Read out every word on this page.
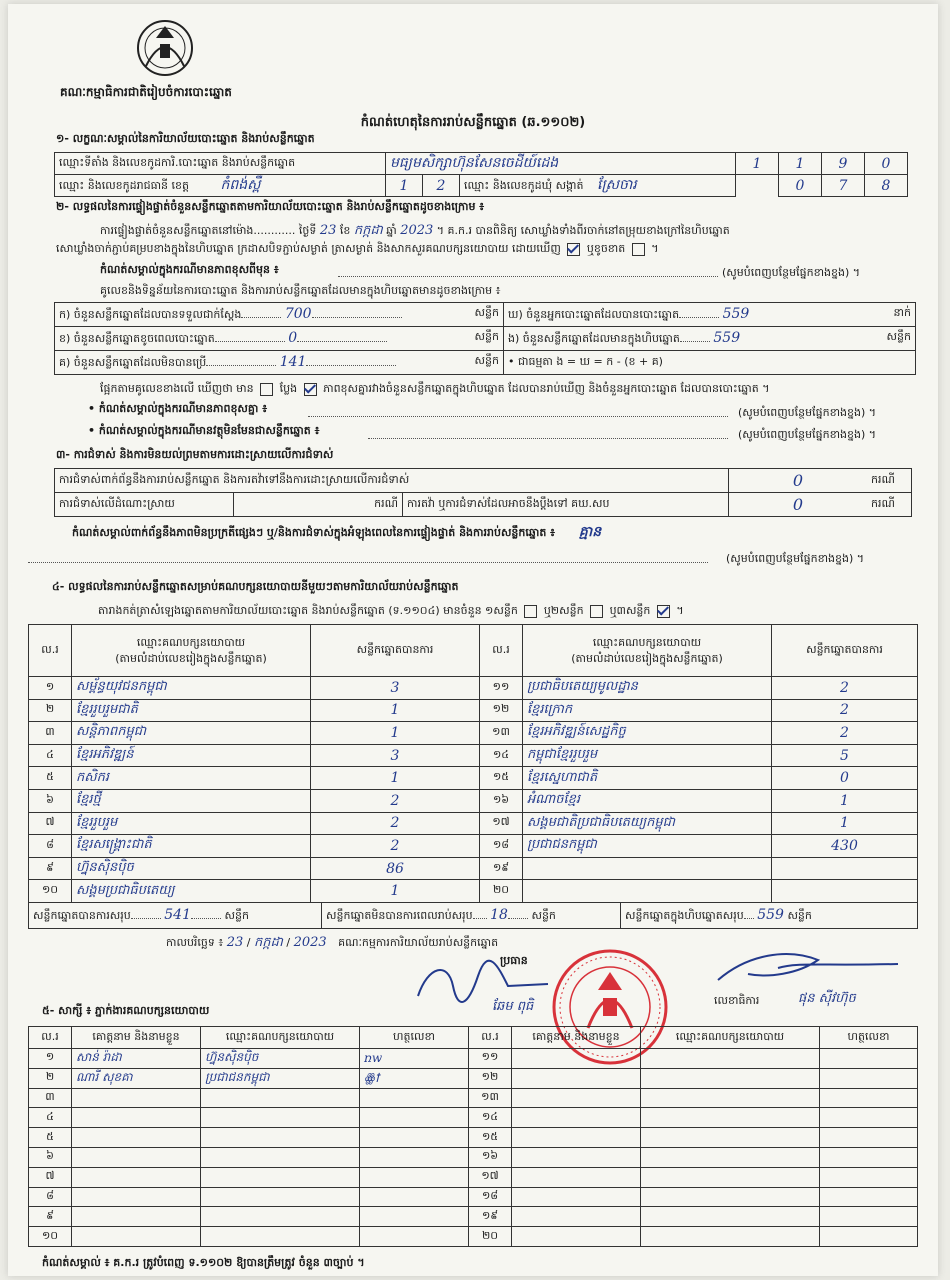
គណៈកម្មាធិការជាតិរៀបចំការបោះឆ្នោត
កំណត់ហេតុនៃការរាប់សន្លឹកឆ្នោត (ឆ.១១០២)
១- លក្ខណៈសម្គាល់នៃការិយាល័យបោះឆ្នោត និងរាប់សន្លឹកឆ្នោត
ឈ្មោះទីតាំង និងលេខកូដការិ.បោះឆ្នោត និងរាប់សន្លឹកឆ្នោត	មធ្យមសិក្សាហ៊ុនសែនចេដីយ៍ដេង			1	1	9	0
ឈ្មោះ និងលេខកូដរាជធានី ខេត្ត កំពង់ស្ពឺ	1	2	ឈ្មោះ និងលេខកូដឃុំ សង្កាត់ ស្រែចារ		0	7	8
២- លទ្ធផលនៃការផ្ទៀងផ្ទាត់ចំនួនសន្លឹកឆ្នោតតាមការិយាល័យបោះឆ្នោត និងរាប់សន្លឹកឆ្នោតដូចខាងក្រោម ៖
ការផ្ទៀងផ្ទាត់ចំនួនសន្លឹកឆ្នោតនៅម៉ោង............ ថ្ងៃទី 23 ខែ កក្កដា ឆ្នាំ 2023 ។ គ.ក.រ បានពិនិត្យ សោឃ្លាំងទាំងពីរចាក់នៅតម្រុយខាងក្រៅនៃហិបឆ្នោត
សោឃ្លាំងចាក់ភ្ជាប់គម្របខាងក្នុងនៃហិបឆ្នោត ក្រដាសបិទភ្ជាប់សម្ងាត់ ត្រាសម្ងាត់ និងសាកសួរគណបក្សនយោបាយ ដោយឃើញ ឬខូចខាត  ។
កំណត់សម្គាល់ក្នុងករណីមានភាពខុសពីមុន ៖	(សូមបំពេញបន្ថែមផ្នែកខាងខ្នង) ។
គូលេខនិងទិន្នន័យនៃការបោះឆ្នោត និងការរាប់សន្លឹកឆ្នោតដែលមានក្នុងហិបឆ្នោតមានដូចខាងក្រោម ៖
ក) ចំនួនសន្លឹកឆ្នោតដែលបានទទួលជាក់ស្តែង 700 សន្លឹក	ឃ) ចំនួនអ្នកបោះឆ្នោតដែលបានបោះឆ្នោត 559 នាក់

ខ) ចំនួនសន្លឹកឆ្នោតខូចពេលបោះឆ្នោត 0 សន្លឹក	ង) ចំនួនសន្លឹកឆ្នោតដែលមានក្នុងហិបឆ្នោត 559 សន្លឹក

គ) ចំនួនសន្លឹកឆ្នោតដែលមិនបានប្រើ 141 សន្លឹក	• ជាធម្មតា ង = ឃ = ក - (ខ + គ)
ផ្អែកតាមគូលេខខាងលើ ឃើញថា មាន ប្លែង ភាពខុសគ្នារវាងចំនួនសន្លឹកឆ្នោតក្នុងហិបឆ្នោត ដែលបានរាប់ឃើញ និងចំនួនអ្នកបោះឆ្នោត ដែលបានបោះឆ្នោត ។
• កំណត់សម្គាល់ក្នុងករណីមានភាពខុសគ្នា ៖	(សូមបំពេញបន្ថែមផ្នែកខាងខ្នង) ។
• កំណត់សម្គាល់ក្នុងករណីមានវត្ថុមិនមែនជាសន្លឹកឆ្នោត ៖	(សូមបំពេញបន្ថែមផ្នែកខាងខ្នង) ។
៣- ការជំទាស់ និងការមិនយល់ព្រមតាមការដោះស្រាយលើការជំទាស់
ការជំទាស់ពាក់ព័ន្ធនឹងការរាប់សន្លឹកឆ្នោត និងការតវ៉ាទៅនឹងការដោះស្រាយលើការជំទាស់			0	ករណី
ការជំទាស់លើដំណោះស្រាយ	ករណី	ការតវ៉ា ឬការជំទាស់ដែលអាចនឹងប្តឹងទៅ គឃ.សប	0	ករណី
កំណត់សម្គាល់ពាក់ព័ន្ធនឹងភាពមិនប្រក្រតីផ្សេងៗ ឬ/និងការជំទាស់ក្នុងអំឡុងពេលនៃការផ្ទៀងផ្ទាត់ និងការរាប់សន្លឹកឆ្នោត ៖ គ្មាន
(សូមបំពេញបន្ថែមផ្នែកខាងខ្នង) ។
៤- លទ្ធផលនៃការរាប់សន្លឹកឆ្នោតសម្រាប់គណបក្សនយោបាយនីមួយៗតាមការិយាល័យរាប់សន្លឹកឆ្នោត
តារាងកត់ត្រាសំឡេងឆ្នោតតាមការិយាល័យបោះឆ្នោត និងរាប់សន្លឹកឆ្នោត (ទ.១១០៤) មានចំនួន ១សន្លឹក ឬ២សន្លឹក ឬ៣សន្លឹក  ។
ល.រ	ឈ្មោះគណបក្សនយោបាយ
(តាមលំដាប់លេខរៀងក្នុងសន្លឹកឆ្នោត)	សន្លឹកឆ្នោតបានការ	ល.រ	ឈ្មោះគណបក្សនយោបាយ
(តាមលំដាប់លេខរៀងក្នុងសន្លឹកឆ្នោត)	សន្លឹកឆ្នោតបានការ
១	សម្ព័ន្ធយុវជនកម្ពុជា	3	១១	ប្រជាធិបតេយ្យមូលដ្ឋាន	2
២	ខ្មែររួបរួមជាតិ	1	១២	ខ្មែរក្រោក	2
៣	សន្តិភាពកម្ពុជា	1	១៣	ខ្មែរអភិវឌ្ឍន៍សេដ្ឋកិច្ច	2
៤	ខ្មែរអភិវឌ្ឍន៍	3	១៤	កម្ពុជាខ្មែររួបរួម	5
៥	កសិករ	1	១៥	ខ្មែរស្នេហាជាតិ	0
៦	ខ្មែរថ្មី	2	១៦	អំណាចខ្មែរ	1
៧	ខ្មែររួបរួម	2	១៧	សង្គមជាតិប្រជាធិបតេយ្យកម្ពុជា	1
៨	ខ្មែរសង្គ្រោះជាតិ	2	១៨	ប្រជាជនកម្ពុជា	430
៩	ហ្វ៊ុនស៊ិនប៉ិច	86	១៩		
១០	សង្គមប្រជាធិបតេយ្យ	1	២០		
សន្លឹកឆ្នោតបានការសរុប 541	សន្លឹក	សន្លឹកឆ្នោតមិនបានការពេលរាប់សរុប 18 សន្លឹក	សន្លឹកឆ្នោតក្នុងហិបឆ្នោតសរុប 559 សន្លឹក
កាលបរិច្ឆេទ ៖ 23 / កក្កដា / 2023 គណៈកម្មការការិយាល័យរាប់សន្លឹកឆ្នោត
ប្រធាន
លេខាធិការ
ឆែម ពុធិ
ផុន ស៊ីវហ៊ុច
៥- សាក្សី ៖ ភ្នាក់ងារគណបក្សនយោបាយ
ល.រ	គោត្តនាម និងនាមខ្លួន	ឈ្មោះគណបក្សនយោបាយ	ហត្ថលេខា	ល.រ	គោត្តនាម និងនាមខ្លួន	ឈ្មោះគណបក្សនយោបាយ	ហត្ថលេខា
១	សាន់ រ៉ាដា	ហ្វ៊ុនស៊ិនប៉ិច	ռw	១១			
២	ណារី សុខគា	ប្រជាជនកម្ពុជា	ꙮꝉ	១២			
៣				១៣			
៤				១៤			
៥				១៥			
៦				១៦			
៧				១៧			
៨				១៨			
៩				១៩			
១០				២០			
កំណត់សម្គាល់ ៖ គ.ក.រ ត្រូវបំពេញ ទ.១១០២ ឱ្យបានត្រឹមត្រូវ ចំនួន ៣ច្បាប់ ។
